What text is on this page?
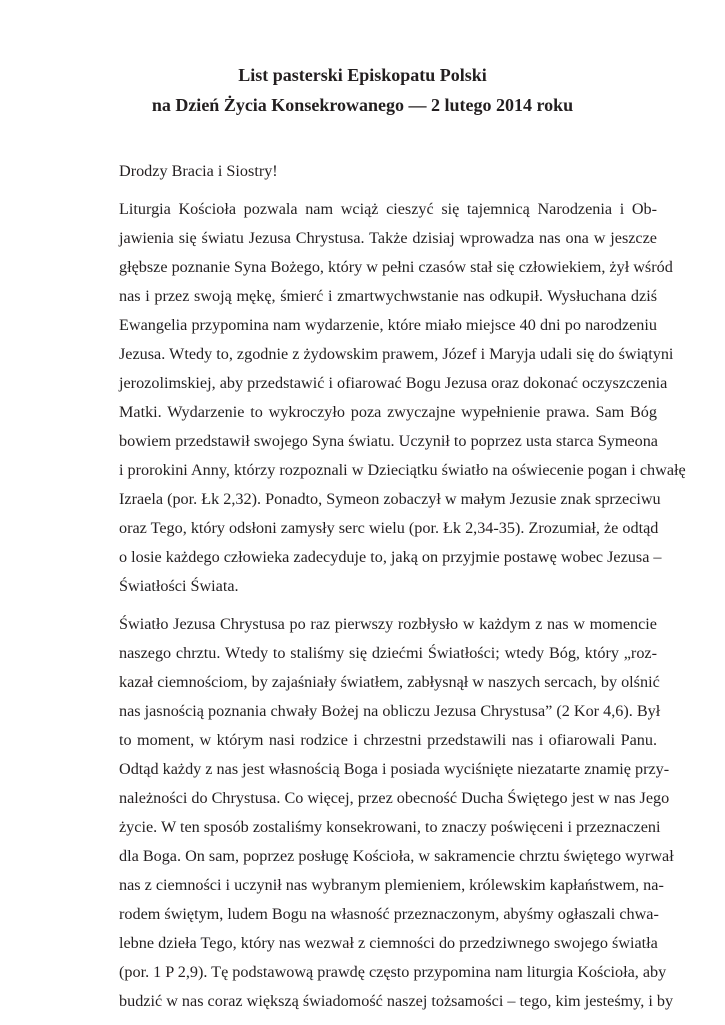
List pasterski Episkopatu Polski
na Dzień Życia Konsekrowanego — 2 lutego 2014 roku

Drodzy Bracia i Siostry!

Liturgia Kościoła pozwala nam wciąż cieszyć się tajemnicą Narodzenia i Ob-
jawienia się światu Jezusa Chrystusa. Także dzisiaj wprowadza nas ona w jeszcze
głębsze poznanie Syna Bożego, który w pełni czasów stał się człowiekiem, żył wśród
nas i przez swoją mękę, śmierć i zmartwychwstanie nas odkupił. Wysłuchana dziś
Ewangelia przypomina nam wydarzenie, które miało miejsce 40 dni po narodzeniu
Jezusa. Wtedy to, zgodnie z żydowskim prawem, Józef i Maryja udali się do świątyni
jerozolimskiej, aby przedstawić i ofiarować Bogu Jezusa oraz dokonać oczyszczenia
Matki. Wydarzenie to wykroczyło poza zwyczajne wypełnienie prawa. Sam Bóg
bowiem przedstawił swojego Syna światu. Uczynił to poprzez usta starca Symeona
i prorokini Anny, którzy rozpoznali w Dzieciątku światło na oświecenie pogan i chwałę
Izraela (por. Łk 2,32). Ponadto, Symeon zobaczył w małym Jezusie znak sprzeciwu
oraz Tego, który odsłoni zamysły serc wielu (por. Łk 2,34-35). Zrozumiał, że odtąd
o losie każdego człowieka zadecyduje to, jaką on przyjmie postawę wobec Jezusa –
Światłości Świata.

Światło Jezusa Chrystusa po raz pierwszy rozbłysło w każdym z nas w momencie
naszego chrztu. Wtedy to staliśmy się dziećmi Światłości; wtedy Bóg, który „roz-
kazał ciemnościom, by zajaśniały światłem, zabłysnął w naszych sercach, by olśnić
nas jasnością poznania chwały Bożej na obliczu Jezusa Chrystusa” (2 Kor 4,6). Był
to moment, w którym nasi rodzice i chrzestni przedstawili nas i ofiarowali Panu.
Odtąd każdy z nas jest własnością Boga i posiada wyciśnięte niezatarte znamię przy-
należności do Chrystusa. Co więcej, przez obecność Ducha Świętego jest w nas Jego
życie. W ten sposób zostaliśmy konsekrowani, to znaczy poświęceni i przeznaczeni
dla Boga. On sam, poprzez posługę Kościoła, w sakramencie chrztu świętego wyrwał
nas z ciemności i uczynił nas wybranym plemieniem, królewskim kapłaństwem, na-
rodem świętym, ludem Bogu na własność przeznaczonym, abyśmy ogłaszali chwa-
lebne dzieła Tego, który nas wezwał z ciemności do przedziwnego swojego światła
(por. 1 P 2,9). Tę podstawową prawdę często przypomina nam liturgia Kościoła, aby
budzić w nas coraz większą świadomość naszej tożsamości – tego, kim jesteśmy, i by
